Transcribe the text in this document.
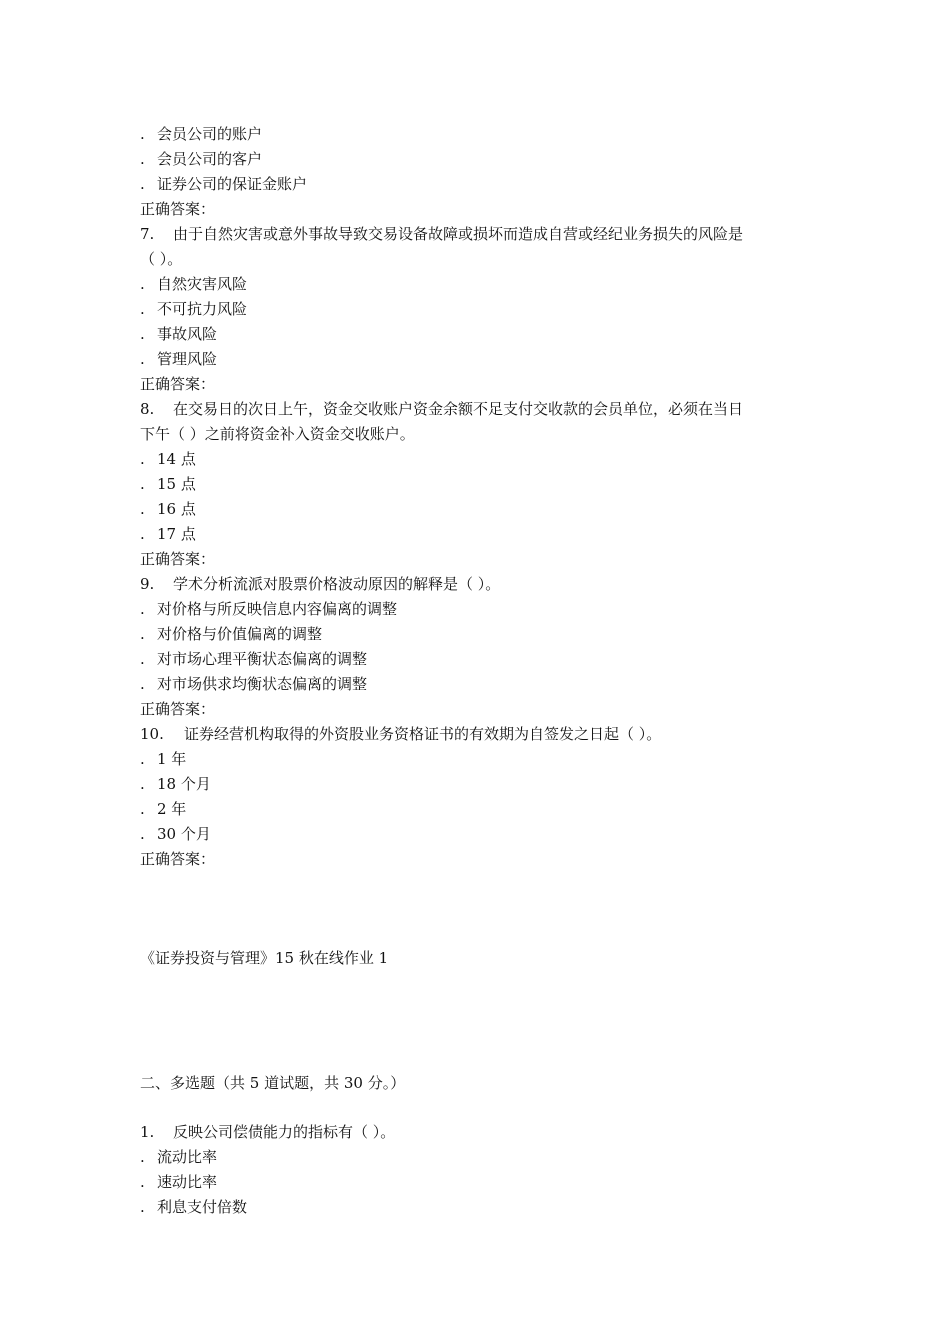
. 会员公司的账户
. 会员公司的客户
. 证券公司的保证金账户
正确答案：
7. 由于自然灾害或意外事故导致交易设备故障或损坏而造成自营或经纪业务损失的风险是
（ ）。
. 自然灾害风险
. 不可抗力风险
. 事故风险
. 管理风险
正确答案：
8. 在交易日的次日上午，资金交收账户资金余额不足支付交收款的会员单位，必须在当日
下午（ ）之前将资金补入资金交收账户。
. 14 点
. 15 点
. 16 点
. 17 点
正确答案：
9. 学术分析流派对股票价格波动原因的解释是（ ）。
. 对价格与所反映信息内容偏离的调整
. 对价格与价值偏离的调整
. 对市场心理平衡状态偏离的调整
. 对市场供求均衡状态偏离的调整
正确答案：
10. 证券经营机构取得的外资股业务资格证书的有效期为自签发之日起（ ）。
. 1 年
. 18 个月
. 2 年
. 30 个月
正确答案：
《证券投资与管理》15 秋在线作业 1
二、多选题（共 5 道试题，共 30 分。）
1. 反映公司偿债能力的指标有（ ）。
. 流动比率
. 速动比率
. 利息支付倍数
